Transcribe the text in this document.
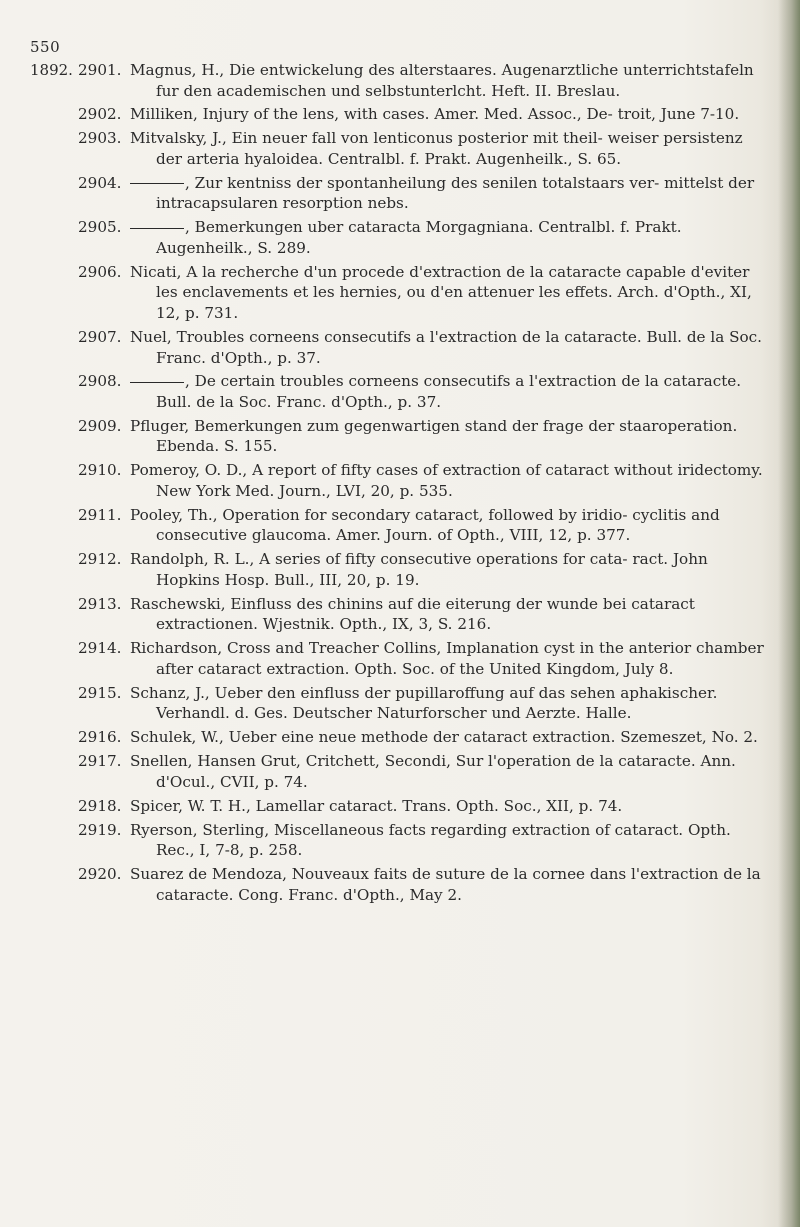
550
1892. 2901. Magnus, H., Die entwickelung des alterstaares. Augenarztliche unterrichtstafeln fur den academischen und selbstunterlcht. Heft. II. Breslau.
2902. Milliken, Injury of the lens, with cases. Amer. Med. Assoc., De- troit, June 7-10.
2903. Mitvalsky, J., Ein neuer fall von lenticonus posterior mit theil- weiser persistenz der arteria hyaloidea. Centralbl. f. Prakt. Augenheilk., S. 65.
2904.	, Zur kentniss der spontanheilung des senilen totalstaars ver- mittelst der intracapsularen resorption nebs.
2905.	, Bemerkungen uber cataracta Morgagniana. Centralbl. f. Prakt. Augenheilk., S. 289.
2906. Nicati, A la recherche d'un procede d'extraction de la cataracte capable d'eviter les enclavements et les hernies, ou d'en attenuer les effets. Arch. d'Opth., XI, 12, p. 731.
2907. Nuel, Troubles corneens consecutifs a l'extraction de la cataracte. Bull. de la Soc. Franc. d'Opth., p. 37.
2908.	, De certain troubles corneens consecutifs a l'extraction de la cataracte. Bull. de la Soc. Franc. d'Opth., p. 37.
2909. Pfluger, Bemerkungen zum gegenwartigen stand der frage der staaroperation. Ebenda. S. 155.
2910. Pomeroy, O. D., A report of fifty cases of extraction of cataract without iridectomy. New York Med. Journ., LVI, 20, p. 535.
2911. Pooley, Th., Operation for secondary cataract, followed by iridio- cyclitis and consecutive glaucoma. Amer. Journ. of Opth., VIII, 12, p. 377.
2912. Randolph, R. L., A series of fifty consecutive operations for cata- ract. John Hopkins Hosp. Bull., III, 20, p. 19.
2913. Raschewski, Einfluss des chinins auf die eiterung der wunde bei cataract extractionen. Wjestnik. Opth., IX, 3, S. 216.
2914. Richardson, Cross and Treacher Collins, Implanation cyst in the anterior chamber after cataract extraction. Opth. Soc. of the United Kingdom, July 8.
2915. Schanz, J., Ueber den einfluss der pupillaroffung auf das sehen aphakischer. Verhandl. d. Ges. Deutscher Naturforscher und Aerzte. Halle.
2916. Schulek, W., Ueber eine neue methode der cataract extraction. Szemeszet, No. 2.
2917. Snellen, Hansen Grut, Critchett, Secondi, Sur l'operation de la cataracte. Ann. d'Ocul., CVII, p. 74.
2918. Spicer, W. T. H., Lamellar cataract. Trans. Opth. Soc., XII, p. 74.
2919. Ryerson, Sterling, Miscellaneous facts regarding extraction of cataract. Opth. Rec., I, 7-8, p. 258.
2920. Suarez de Mendoza, Nouveaux faits de suture de la cornee dans l'extraction de la cataracte. Cong. Franc. d'Opth., May 2.
